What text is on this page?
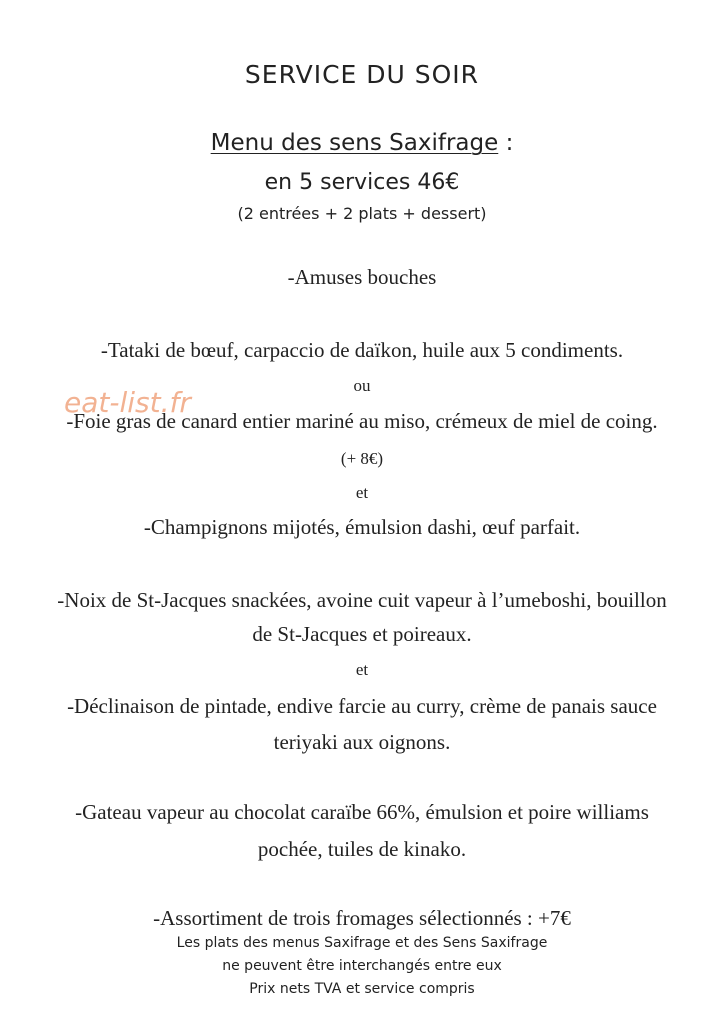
SERVICE DU SOIR
Menu des sens Saxifrage :
en 5 services 46€
(2 entrées + 2 plats + dessert)
-Amuses bouches
-Tataki de bœuf, carpaccio de daïkon, huile aux 5 condiments.
ou
-Foie gras de canard entier mariné au miso, crémeux de miel de coing.
(+ 8€)
et
-Champignons mijotés, émulsion dashi, œuf parfait.
-Noix de St-Jacques snackées, avoine cuit vapeur à l’umeboshi, bouillon
de St-Jacques et poireaux.
et
-Déclinaison de pintade, endive farcie au curry, crème de panais sauce
teriyaki aux oignons.
-Gateau vapeur au chocolat caraïbe 66%, émulsion et poire williams
pochée, tuiles de kinako.
-Assortiment de trois fromages sélectionnés : +7€
Les plats des menus Saxifrage et des Sens Saxifrage
ne peuvent être interchangés entre eux
Prix nets TVA et service compris
eat-list.fr
